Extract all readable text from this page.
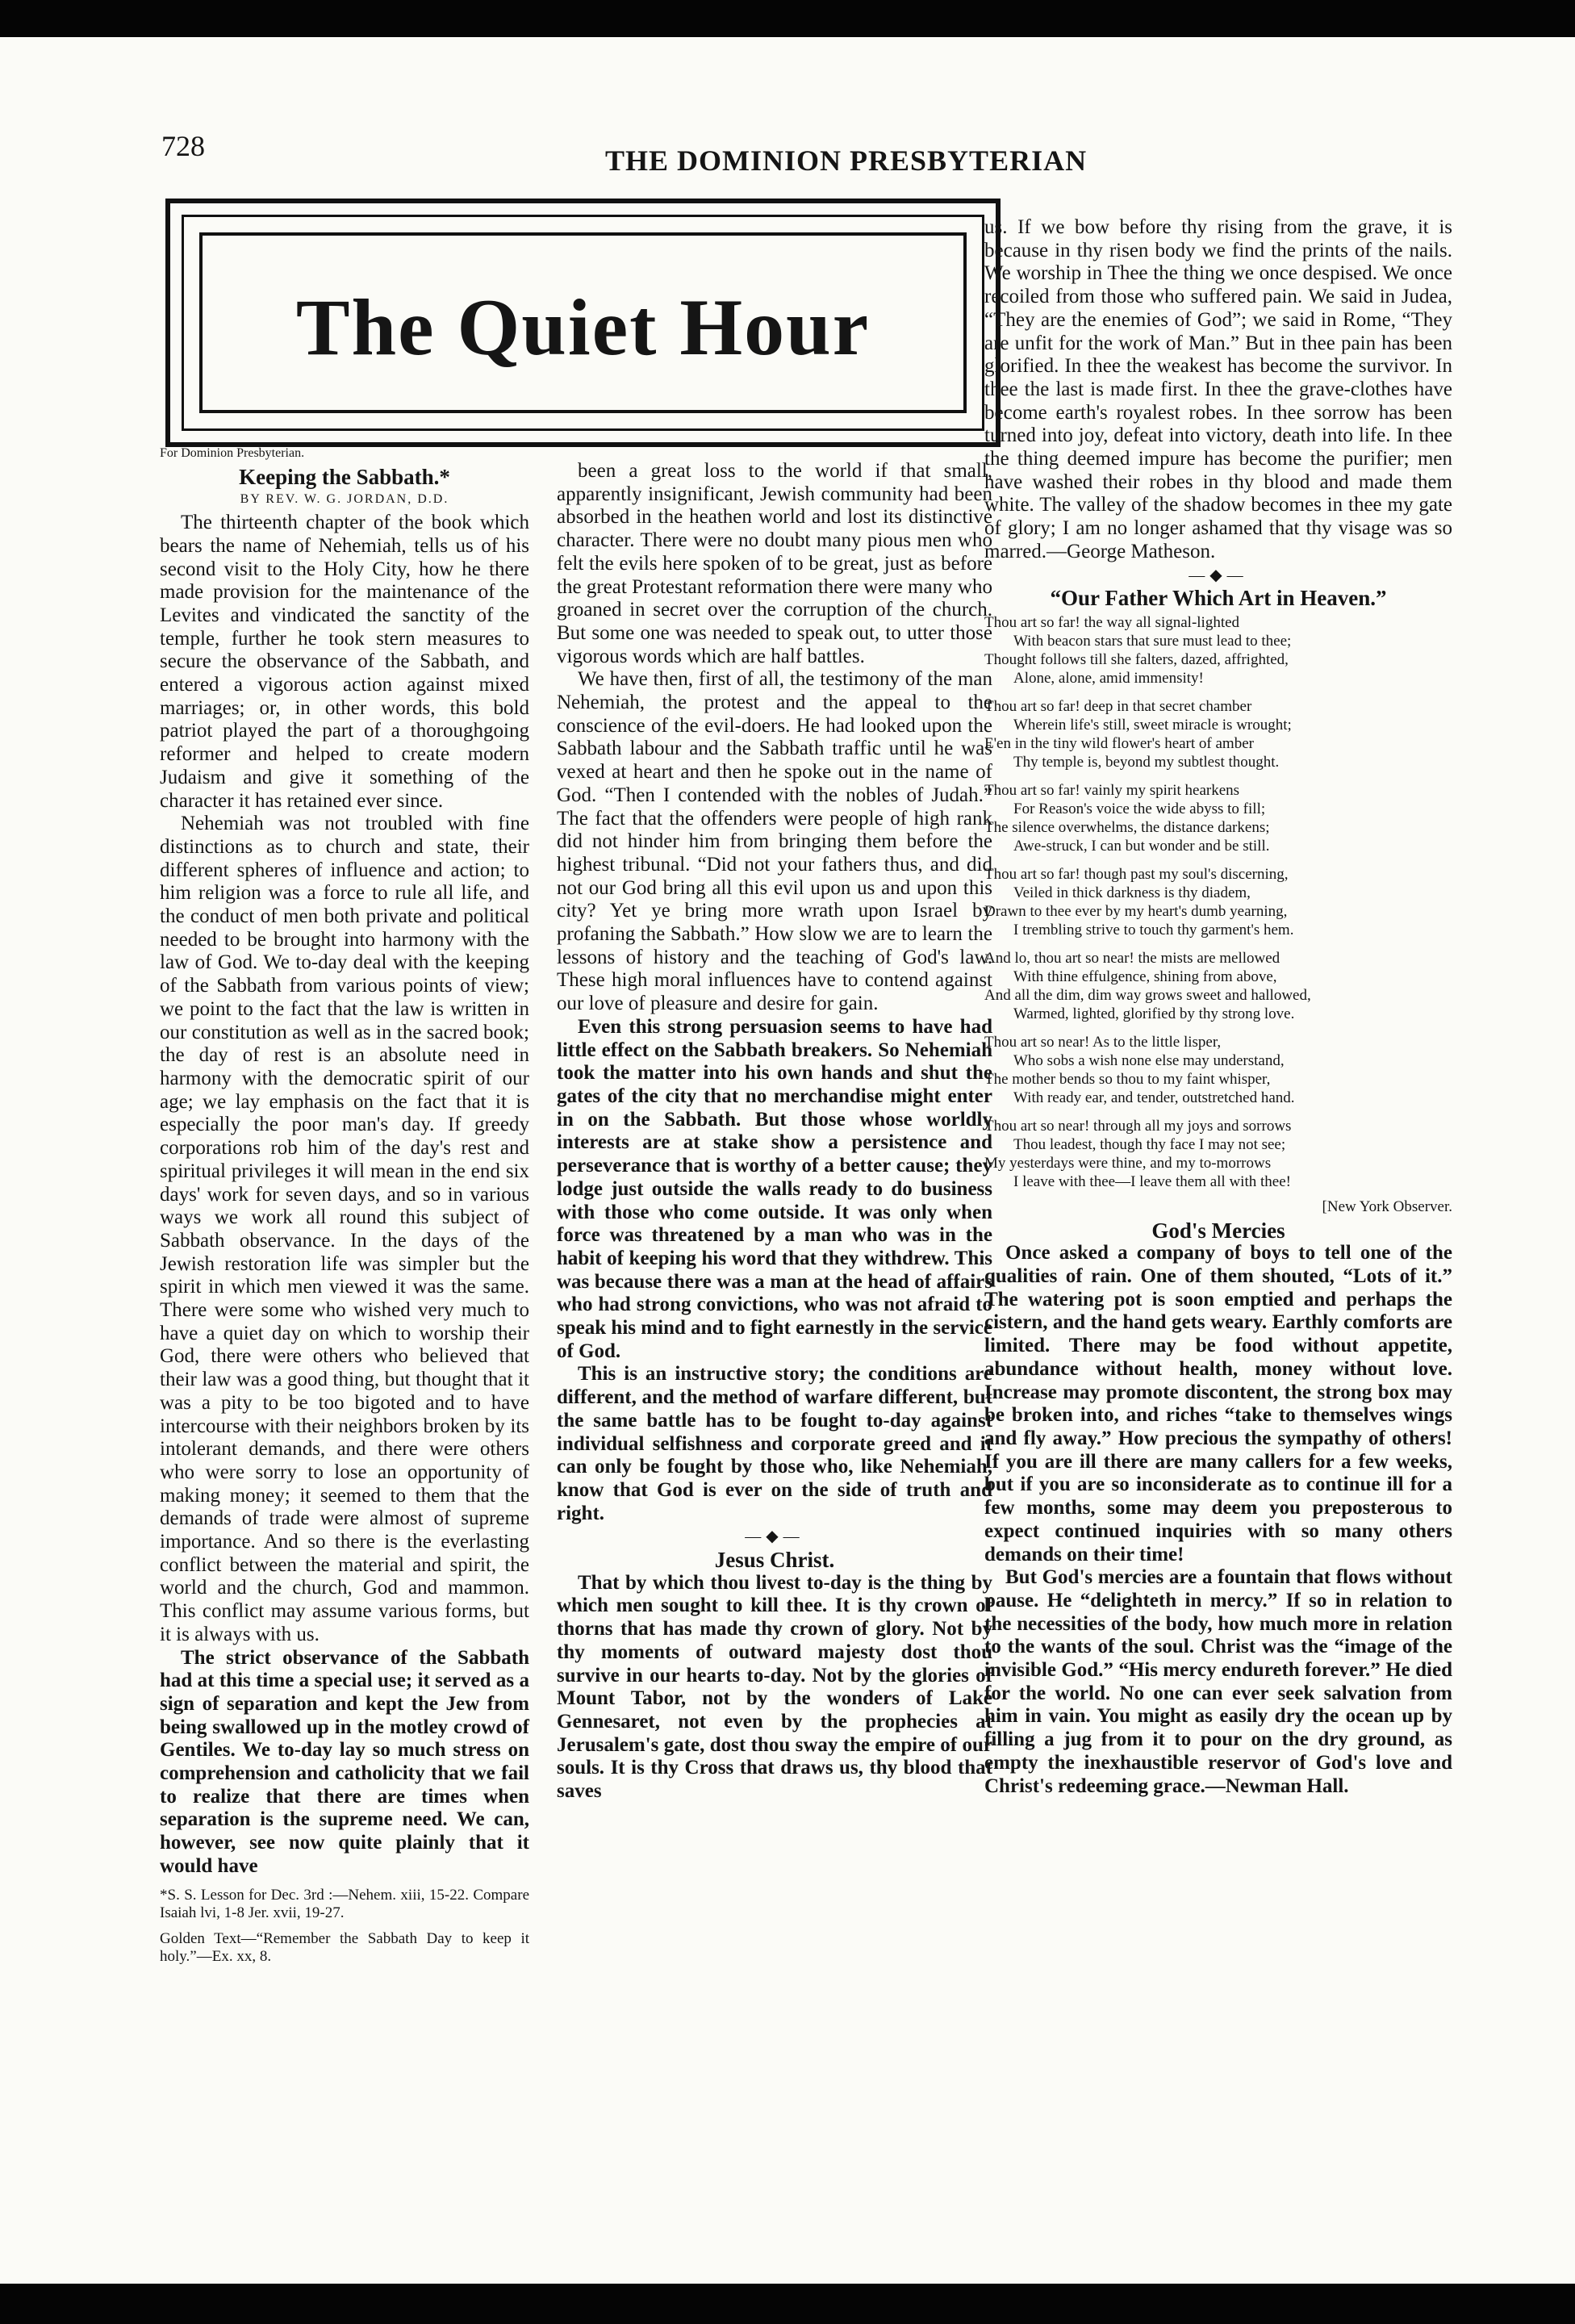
728	THE DOMINION PRESBYTERIAN
The Quiet Hour

For Dominion Presbyterian.

Keeping the Sabbath.*

BY REV. W. G. JORDAN, D.D.

The thirteenth chapter of the book which bears the name of Nehemiah, tells us of his second visit to the Holy City, how he there made provision for the maintenance of the Levites and vindicated the sanctity of the temple, further he took stern measures to secure the observance of the Sabbath, and entered a vigorous action against mixed marriages; or, in other words, this bold patriot played the part of a thoroughgoing reformer and helped to create modern Judaism and give it something of the character it has retained ever since.

Nehemiah was not troubled with fine distinctions as to church and state, their different spheres of influence and action; to him religion was a force to rule all life, and the conduct of men both private and political needed to be brought into harmony with the law of God. We to-day deal with the keeping of the Sabbath from various points of view; we point to the fact that the law is written in our constitution as well as in the sacred book; the day of rest is an absolute need in harmony with the democratic spirit of our age; we lay emphasis on the fact that it is especially the poor man's day. If greedy corporations rob him of the day's rest and spiritual privileges it will mean in the end six days' work for seven days, and so in various ways we work all round this subject of Sabbath observance. In the days of the Jewish restoration life was simpler but the spirit in which men viewed it was the same. There were some who wished very much to have a quiet day on which to worship their God, there were others who believed that their law was a good thing, but thought that it was a pity to be too bigoted and to have intercourse with their neighbors broken by its intolerant demands, and there were others who were sorry to lose an opportunity of making money; it seemed to them that the demands of trade were almost of supreme importance. And so there is the everlasting conflict between the material and spirit, the world and the church, God and mammon. This conflict may assume various forms, but it is always with us.

The strict observance of the Sabbath had at this time a special use; it served as a sign of separation and kept the Jew from being swallowed up in the motley crowd of Gentiles. We to-day lay so much stress on comprehension and catholicity that we fail to realize that there are times when separation is the supreme need. We can, however, see now quite plainly that it would have

*S. S. Lesson for Dec. 3rd :—Nehem. xiii, 15-22. Compare Isaiah lvi, 1-8 Jer. xvii, 19-27.

Golden Text—“Remember the Sabbath Day to keep it holy.”—Ex. xx, 8.

been a great loss to the world if that small, apparently insignificant, Jewish community had been absorbed in the heathen world and lost its distinctive character. There were no doubt many pious men who felt the evils here spoken of to be great, just as before the great Protestant reformation there were many who groaned in secret over the corruption of the church. But some one was needed to speak out, to utter those vigorous words which are half battles.

We have then, first of all, the testimony of the man Nehemiah, the protest and the appeal to the conscience of the evil-doers. He had looked upon the Sabbath labour and the Sabbath traffic until he was vexed at heart and then he spoke out in the name of God. “Then I contended with the nobles of Judah.” The fact that the offenders were people of high rank did not hinder him from bringing them before the highest tribunal. “Did not your fathers thus, and did not our God bring all this evil upon us and upon this city? Yet ye bring more wrath upon Israel by profaning the Sabbath.” How slow we are to learn the lessons of history and the teaching of God's law. These high moral influences have to contend against our love of pleasure and desire for gain.

Even this strong persuasion seems to have had little effect on the Sabbath breakers. So Nehemiah took the matter into his own hands and shut the gates of the city that no merchandise might enter in on the Sabbath. But those whose worldly interests are at stake show a persistence and perseverance that is worthy of a better cause; they lodge just outside the walls ready to do business with those who come outside. It was only when force was threatened by a man who was in the habit of keeping his word that they withdrew. This was because there was a man at the head of affairs who had strong convictions, who was not afraid to speak his mind and to fight earnestly in the service of God.

This is an instructive story; the conditions are different, and the method of warfare different, but the same battle has to be fought to-day against individual selfishness and corporate greed and it can only be fought by those who, like Nehemiah, know that God is ever on the side of truth and right.

—◆—

Jesus Christ.

That by which thou livest to-day is the thing by which men sought to kill thee. It is thy crown of thorns that has made thy crown of glory. Not by thy moments of outward majesty dost thou survive in our hearts to-day. Not by the glories of Mount Tabor, not by the wonders of Lake Gennesaret, not even by the prophecies at Jerusalem's gate, dost thou sway the empire of our souls. It is thy Cross that draws us, thy blood that saves

us. If we bow before thy rising from the grave, it is because in thy risen body we find the prints of the nails. We worship in Thee the thing we once despised. We once recoiled from those who suffered pain. We said in Judea, “They are the enemies of God”; we said in Rome, “They are unfit for the work of Man.” But in thee pain has been glorified. In thee the weakest has become the survivor. In thee the last is made first. In thee the grave-clothes have become earth's royalest robes. In thee sorrow has been turned into joy, defeat into victory, death into life. In thee the thing deemed impure has become the purifier; men have washed their robes in thy blood and made them white. The valley of the shadow becomes in thee my gate of glory; I am no longer ashamed that thy visage was so marred.—George Matheson.

—◆—

“Our Father Which Art in Heaven.”

Thou art so far! the way all signal-lighted
With beacon stars that sure must lead to thee;
Thought follows till she falters, dazed, affrighted,
Alone, alone, amid immensity!
Thou art so far! deep in that secret chamber
Wherein life's still, sweet miracle is wrought;
E'en in the tiny wild flower's heart of amber
Thy temple is, beyond my subtlest thought.
Thou art so far! vainly my spirit hearkens
For Reason's voice the wide abyss to fill;
The silence overwhelms, the distance darkens;
Awe-struck, I can but wonder and be still.
Thou art so far! though past my soul's discerning,
Veiled in thick darkness is thy diadem,
Drawn to thee ever by my heart's dumb yearning,
I trembling strive to touch thy garment's hem.
And lo, thou art so near! the mists are mellowed
With thine effulgence, shining from above,
And all the dim, dim way grows sweet and hallowed,
Warmed, lighted, glorified by thy strong love.
Thou art so near! As to the little lisper,
Who sobs a wish none else may understand,
The mother bends so thou to my faint whisper,
With ready ear, and tender, outstretched hand.
Thou art so near! through all my joys and sorrows
Thou leadest, though thy face I may not see;
My yesterdays were thine, and my to-morrows
I leave with thee—I leave them all with thee!
[New York Observer.

God's Mercies

Once asked a company of boys to tell one of the qualities of rain. One of them shouted, “Lots of it.” The watering pot is soon emptied and perhaps the cistern, and the hand gets weary. Earthly comforts are limited. There may be food without appetite, abundance without health, money without love. Increase may promote discontent, the strong box may be broken into, and riches “take to themselves wings and fly away.” How precious the sympathy of others! If you are ill there are many callers for a few weeks, but if you are so inconsiderate as to continue ill for a few months, some may deem you preposterous to expect continued inquiries with so many others demands on their time!

But God's mercies are a fountain that flows without pause. He “delighteth in mercy.” If so in relation to the necessities of the body, how much more in relation to the wants of the soul. Christ was the “image of the invisible God.” “His mercy endureth forever.” He died for the world. No one can ever seek salvation from him in vain. You might as easily dry the ocean up by filling a jug from it to pour on the dry ground, as empty the inexhaustible reservor of God's love and Christ's redeeming grace.—Newman Hall.
